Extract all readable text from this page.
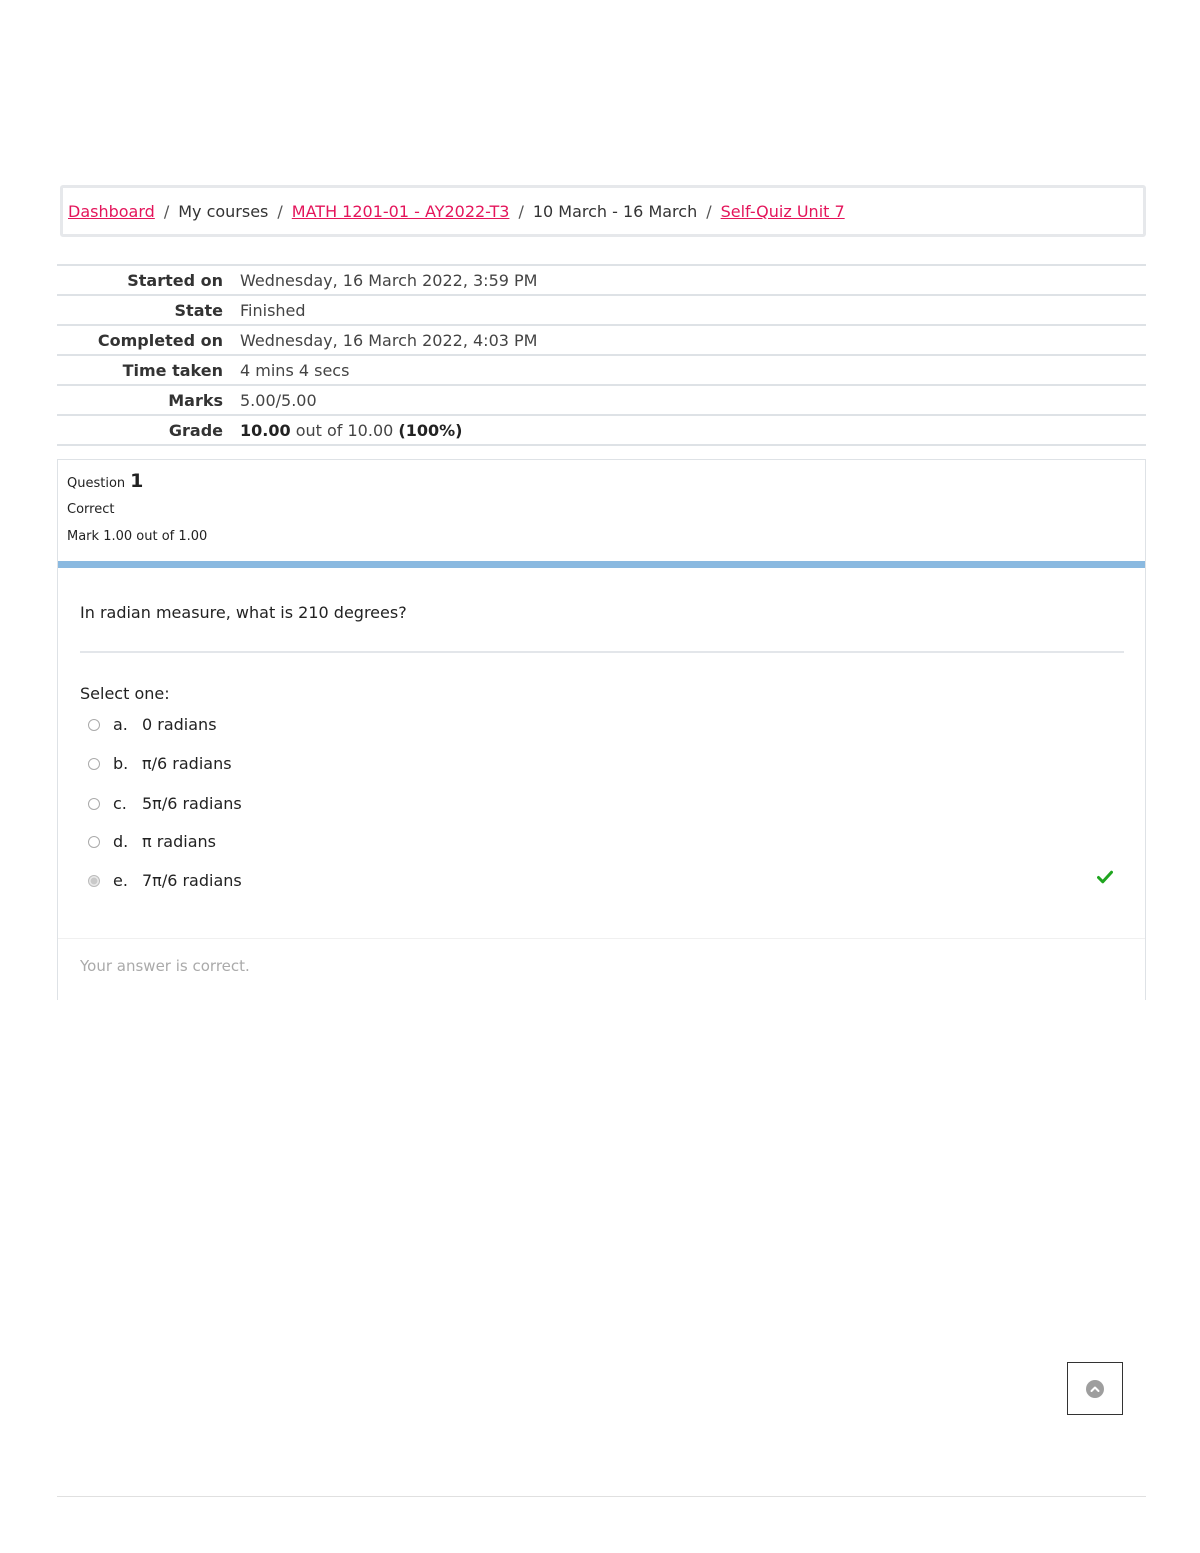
Dashboard / My courses / MATH 1201-01 - AY2022-T3 / 10 March - 16 March / Self-Quiz Unit 7
Started on Wednesday, 16 March 2022, 3:59 PM
State Finished
Completed on Wednesday, 16 March 2022, 4:03 PM
Time taken 4 mins 4 secs
Marks 5.00/5.00
Grade 10.00 out of 10.00 (100%)
Question 1
Correct
Mark 1.00 out of 1.00
In radian measure, what is 210 degrees?
Select one:
a. 0 radians
b. π/6 radians
c. 5π/6 radians
d. π radians
e. 7π/6 radians
Your answer is correct.
